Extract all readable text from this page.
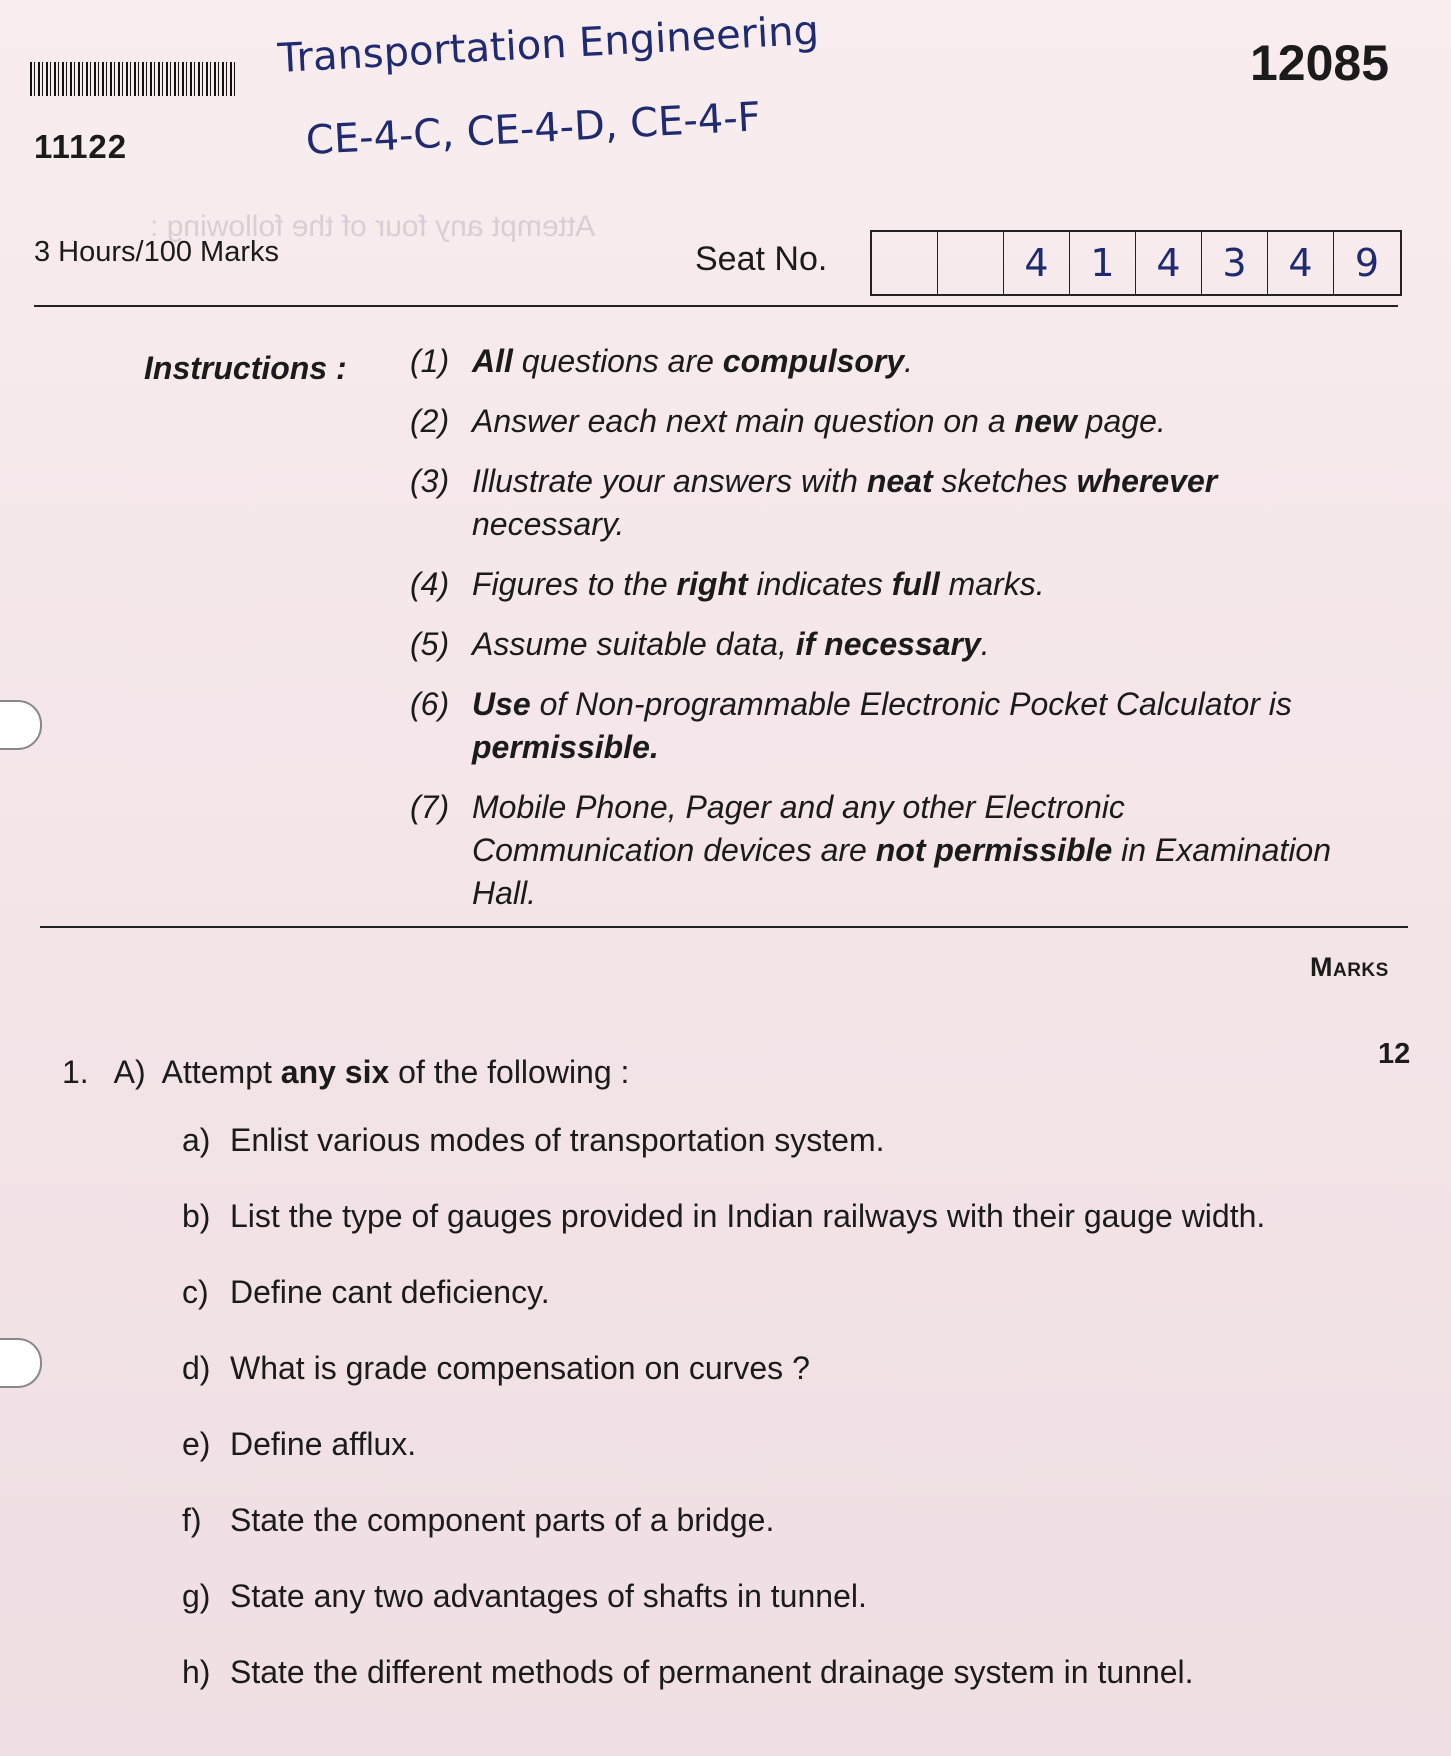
Attempt any four of the following :
11122
12085
Transportation Engineering
CE-4-C, CE-4-D, CE-4-F
3 Hours/100 Marks	Seat No.	4	1	4	3	4	9
Instructions : (1) All questions are compulsory.
(2) Answer each next main question on a new page.
(3) Illustrate your answers with neat sketches wherever necessary.
(4) Figures to the right indicates full marks.
(5) Assume suitable data, if necessary.
(6) Use of Non-programmable Electronic Pocket Calculator is permissible.
(7) Mobile Phone, Pager and any other Electronic Communication devices are not permissible in Examination Hall.
Marks
1. A) Attempt any six of the following :	12
a) Enlist various modes of transportation system.
b) List the type of gauges provided in Indian railways with their gauge width.
c) Define cant deficiency.
d) What is grade compensation on curves ?
e) Define afflux.
f) State the component parts of a bridge.
g) State any two advantages of shafts in tunnel.
h) State the different methods of permanent drainage system in tunnel.
